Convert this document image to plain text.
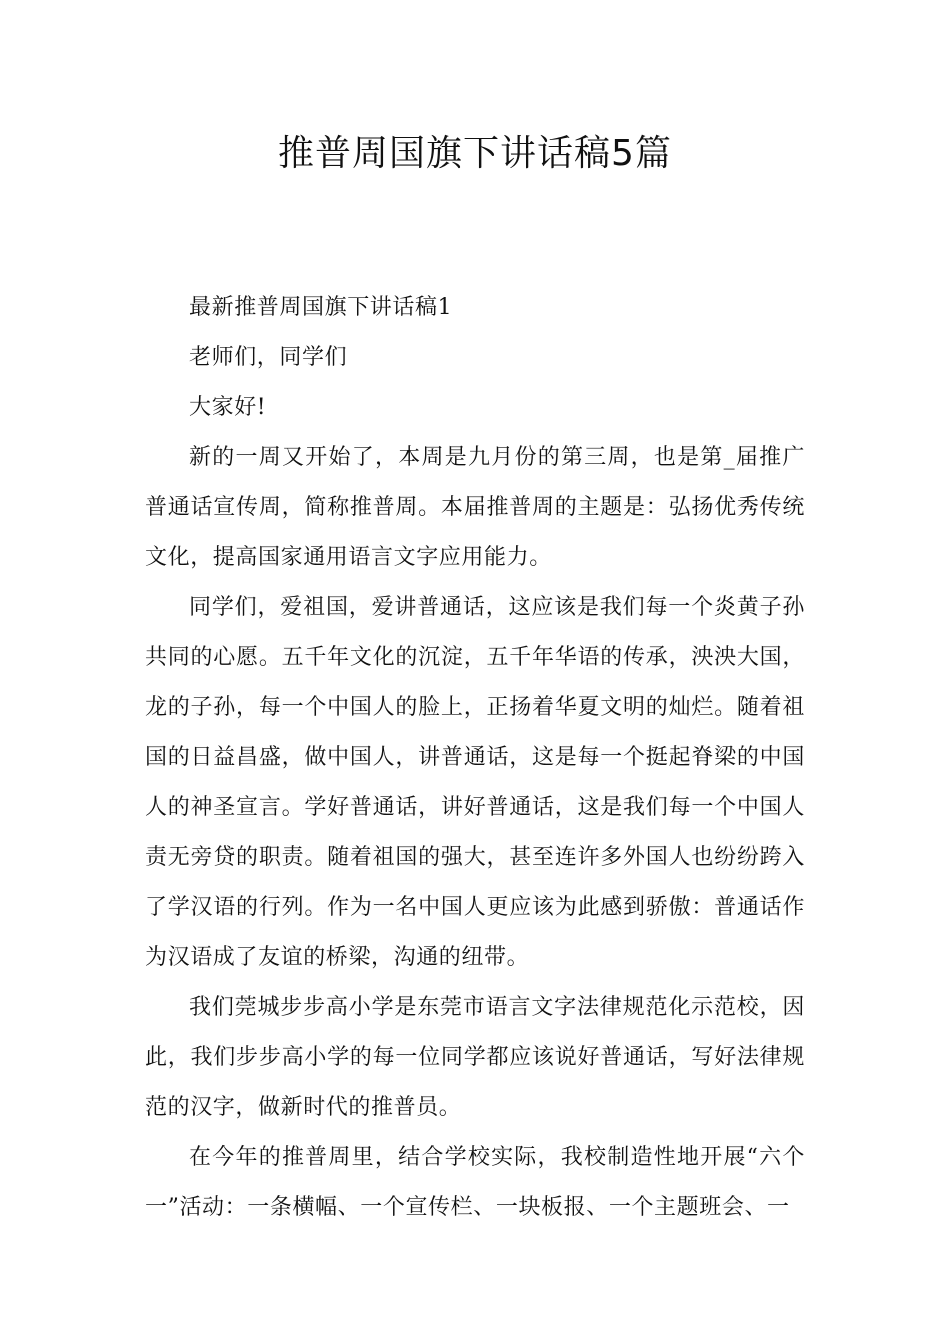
推普周国旗下讲话稿5篇

最新推普周国旗下讲话稿1

老师们，同学们

大家好!

新的一周又开始了，本周是九月份的第三周，也是第_届推广普通话宣传周，简称推普周。本届推普周的主题是：弘扬优秀传统文化，提高国家通用语言文字应用能力。

同学们，爱祖国，爱讲普通话，这应该是我们每一个炎黄子孙共同的心愿。五千年文化的沉淀，五千年华语的传承，泱泱大国，龙的子孙，每一个中国人的脸上，正扬着华夏文明的灿烂。随着祖国的日益昌盛，做中国人，讲普通话，这是每一个挺起脊梁的中国人的神圣宣言。学好普通话，讲好普通话，这是我们每一个中国人责无旁贷的职责。随着祖国的强大，甚至连许多外国人也纷纷跨入了学汉语的行列。作为一名中国人更应该为此感到骄傲：普通话作为汉语成了友谊的桥梁，沟通的纽带。

我们莞城步步高小学是东莞市语言文字法律规范化示范校，因此，我们步步高小学的每一位同学都应该说好普通话，写好法律规范的汉字，做新时代的推普员。

在今年的推普周里，结合学校实际，我校制造性地开展“六个一”活动：一条横幅、一个宣传栏、一块板报、一个主题班会、一
